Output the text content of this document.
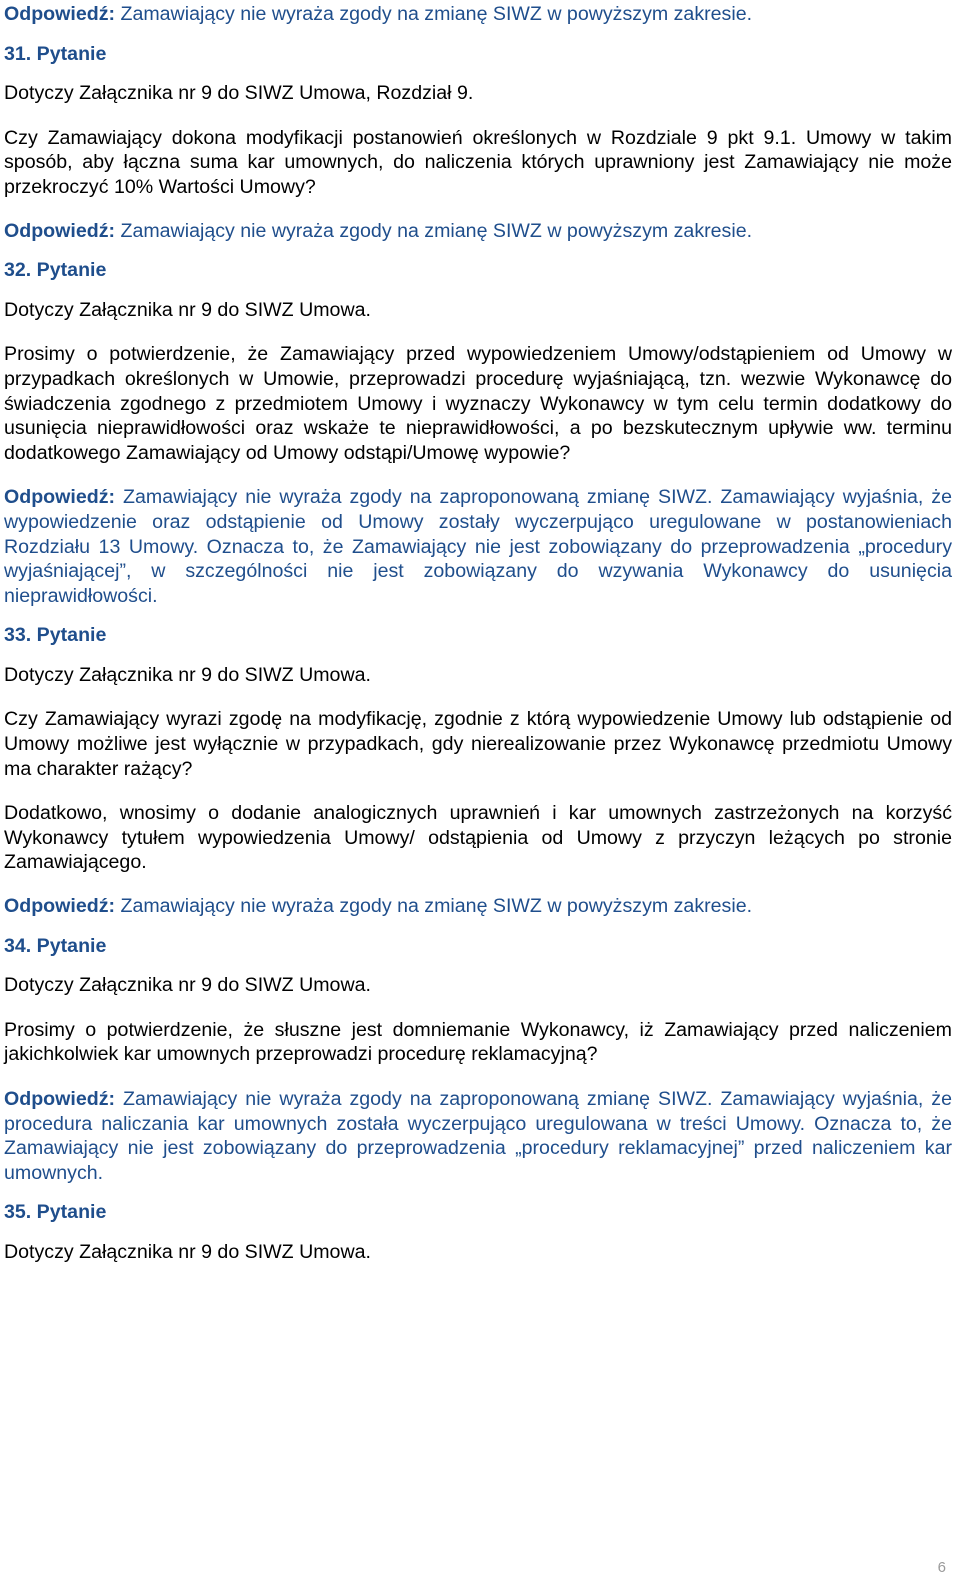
Odpowiedź: Zamawiający nie wyraża zgody na zmianę SIWZ w powyższym zakresie.

31. Pytanie

Dotyczy Załącznika nr 9 do SIWZ Umowa, Rozdział 9.

Czy Zamawiający dokona modyfikacji postanowień określonych w Rozdziale 9 pkt 9.1. Umowy w takim sposób, aby łączna suma kar umownych, do naliczenia których uprawniony jest Zamawiający nie może przekroczyć 10% Wartości Umowy?

Odpowiedź: Zamawiający nie wyraża zgody na zmianę SIWZ w powyższym zakresie.

32. Pytanie

Dotyczy Załącznika nr 9 do SIWZ Umowa.

Prosimy o potwierdzenie, że Zamawiający przed wypowiedzeniem Umowy/odstąpieniem od Umowy w przypadkach określonych w Umowie, przeprowadzi procedurę wyjaśniającą, tzn. wezwie Wykonawcę do świadczenia zgodnego z przedmiotem Umowy i wyznaczy Wykonawcy w tym celu termin dodatkowy do usunięcia nieprawidłowości oraz wskaże te nieprawidłowości, a po bezskutecznym upływie ww. terminu dodatkowego Zamawiający od Umowy odstąpi/Umowę wypowie?

Odpowiedź: Zamawiający nie wyraża zgody na zaproponowaną zmianę SIWZ. Zamawiający wyjaśnia, że wypowiedzenie oraz odstąpienie od Umowy zostały wyczerpująco uregulowane w postanowieniach Rozdziału 13 Umowy. Oznacza to, że Zamawiający nie jest zobowiązany do przeprowadzenia „procedury wyjaśniającej”, w szczególności nie jest zobowiązany do wzywania Wykonawcy do usunięcia nieprawidłowości.

33. Pytanie

Dotyczy Załącznika nr 9 do SIWZ Umowa.

Czy Zamawiający wyrazi zgodę na modyfikację, zgodnie z którą wypowiedzenie Umowy lub odstąpienie od Umowy możliwe jest wyłącznie w przypadkach, gdy nierealizowanie przez Wykonawcę przedmiotu Umowy ma charakter rażący?

Dodatkowo, wnosimy o dodanie analogicznych uprawnień i kar umownych zastrzeżonych na korzyść Wykonawcy tytułem wypowiedzenia Umowy/ odstąpienia od Umowy z przyczyn leżących po stronie Zamawiającego.

Odpowiedź: Zamawiający nie wyraża zgody na zmianę SIWZ w powyższym zakresie.

34. Pytanie

Dotyczy Załącznika nr 9 do SIWZ Umowa.

Prosimy o potwierdzenie, że słuszne jest domniemanie Wykonawcy, iż Zamawiający przed naliczeniem jakichkolwiek kar umownych przeprowadzi procedurę reklamacyjną?

Odpowiedź: Zamawiający nie wyraża zgody na zaproponowaną zmianę SIWZ. Zamawiający wyjaśnia, że procedura naliczania kar umownych została wyczerpująco uregulowana w treści Umowy. Oznacza to, że Zamawiający nie jest zobowiązany do przeprowadzenia „procedury reklamacyjnej” przed naliczeniem kar umownych.

35. Pytanie

Dotyczy Załącznika nr 9 do SIWZ Umowa.

6
